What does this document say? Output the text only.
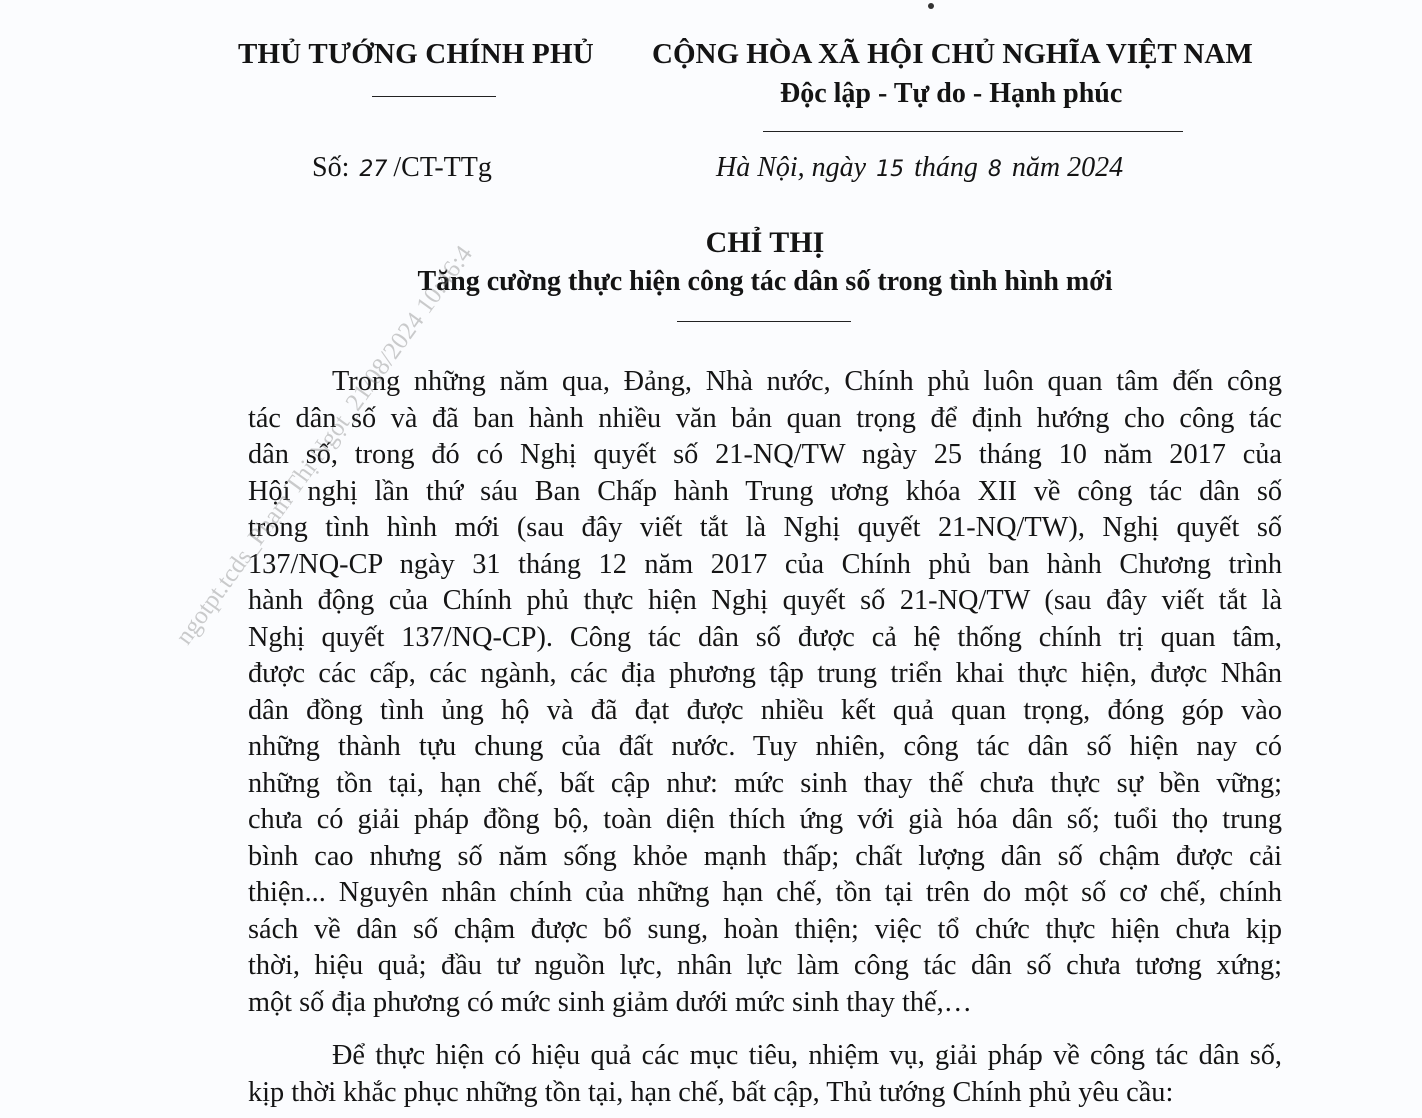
THỦ TƯỚNG CHÍNH PHỦ	CỘNG HÒA XÃ HỘI CHỦ NGHĨA VIỆT NAM
Độc lập - Tự do - Hạnh phúc
Số: 27 /CT-TTg	Hà Nội, ngày 15 tháng 8 năm 2024
CHỈ THỊ
Tăng cường thực hiện công tác dân số trong tình hình mới
Trong những năm qua, Đảng, Nhà nước, Chính phủ luôn quan tâm đến công
tác dân số và đã ban hành nhiều văn bản quan trọng để định hướng cho công tác
dân số, trong đó có Nghị quyết số 21-NQ/TW ngày 25 tháng 10 năm 2017 của
Hội nghị lần thứ sáu Ban Chấp hành Trung ương khóa XII về công tác dân số
trong tình hình mới (sau đây viết tắt là Nghị quyết 21-NQ/TW), Nghị quyết số
137/NQ-CP ngày 31 tháng 12 năm 2017 của Chính phủ ban hành Chương trình
hành động của Chính phủ thực hiện Nghị quyết số 21-NQ/TW (sau đây viết tắt là
Nghị quyết 137/NQ-CP). Công tác dân số được cả hệ thống chính trị quan tâm,
được các cấp, các ngành, các địa phương tập trung triển khai thực hiện, được Nhân
dân đồng tình ủng hộ và đã đạt được nhiều kết quả quan trọng, đóng góp vào
những thành tựu chung của đất nước. Tuy nhiên, công tác dân số hiện nay có
những tồn tại, hạn chế, bất cập như: mức sinh thay thế chưa thực sự bền vững;
chưa có giải pháp đồng bộ, toàn diện thích ứng với già hóa dân số; tuổi thọ trung
bình cao nhưng số năm sống khỏe mạnh thấp; chất lượng dân số chậm được cải
thiện... Nguyên nhân chính của những hạn chế, tồn tại trên do một số cơ chế, chính
sách về dân số chậm được bổ sung, hoàn thiện; việc tổ chức thực hiện chưa kịp
thời, hiệu quả; đầu tư nguồn lực, nhân lực làm công tác dân số chưa tương xứng;
một số địa phương có mức sinh giảm dưới mức sinh thay thế,…
Để thực hiện có hiệu quả các mục tiêu, nhiệm vụ, giải pháp về công tác dân số,
kịp thời khắc phục những tồn tại, hạn chế, bất cập, Thủ tướng Chính phủ yêu cầu:
ngotpt.tcds_Phạm Thị Ngọt_21/08/2024 10:46:4
